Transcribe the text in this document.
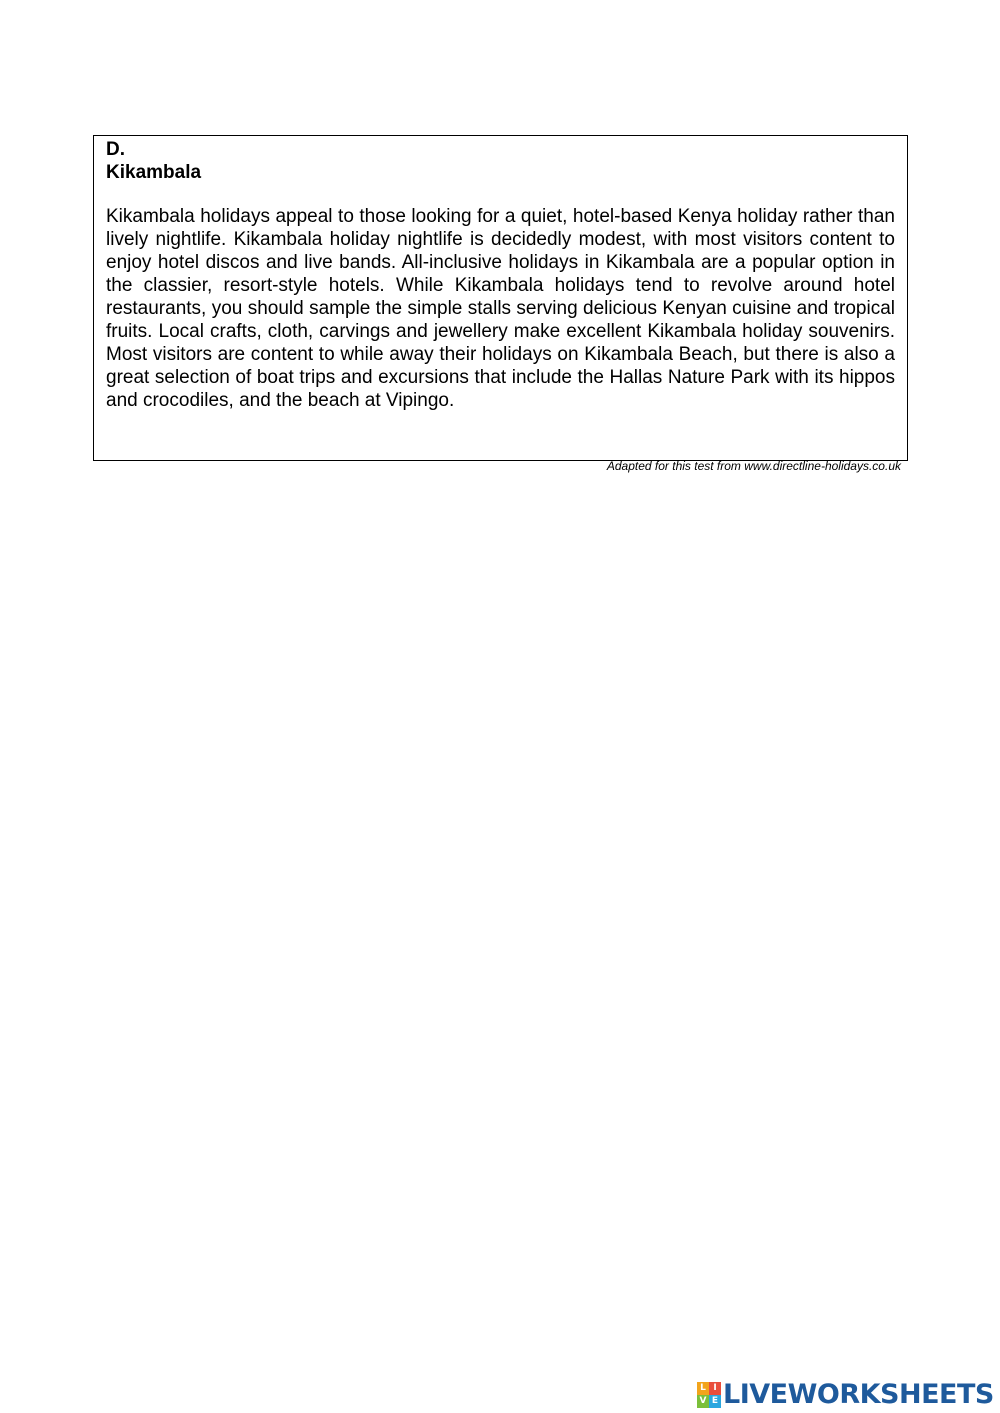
D.

Kikambala

Kikambala holidays appeal to those looking for a quiet, hotel-based Kenya holiday rather than lively nightlife. Kikambala holiday nightlife is decidedly modest, with most visitors content to enjoy hotel discos and live bands. All-inclusive holidays in Kikambala are a popular option in the classier, resort-style hotels. While Kikambala holidays tend to revolve around hotel restaurants, you should sample the simple stalls serving delicious Kenyan cuisine and tropical fruits. Local crafts, cloth, carvings and jewellery make excellent Kikambala holiday souvenirs. Most visitors are content to while away their holidays on Kikambala Beach, but there is also a great selection of boat trips and excursions that include the Hallas Nature Park with its hippos and crocodiles, and the beach at Vipingo.

Adapted for this test from www.directline-holidays.co.uk

L I
V E LIVEWORKSHEETS
